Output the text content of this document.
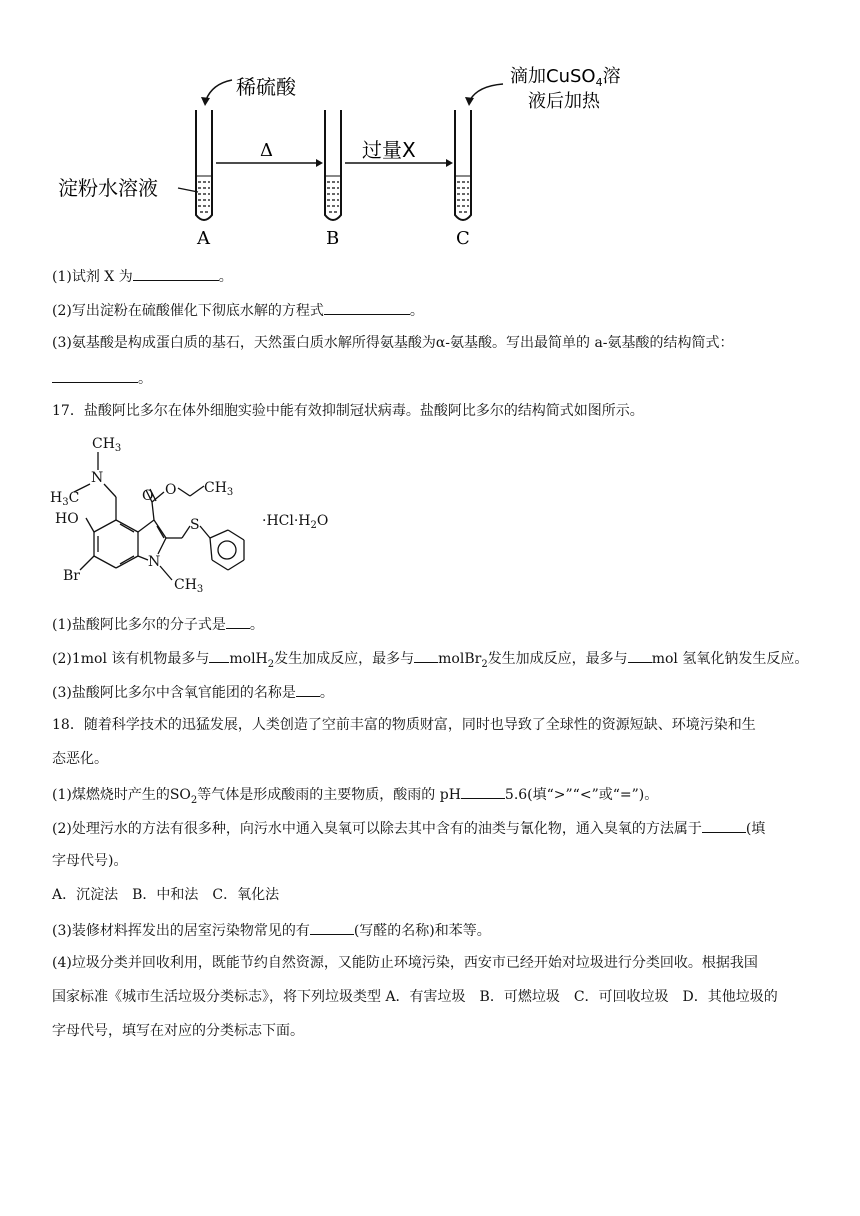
稀硫酸	滴加CuSO$_4$溶
液后加热
淀粉水溶液
Δ	过量X
A	B	C
(1)试剂 X 为	。
(2)写出淀粉在硫酸催化下彻底水解的方程式	。
(3)氨基酸是构成蛋白质的基石，天然蛋白质水解所得氨基酸为α-氨基酸。写出最简单的 a-氨基酸的结构简式：
。
17．盐酸阿比多尔在体外细胞实验中能有效抑制冠状病毒。盐酸阿比多尔的结构简式如图所示。
$CH_3$
N
$H_3C$	O O $CH_3$
HO	S
Br
N
$CH_3$
$\cdot HCl\cdot H_2O$
(1)盐酸阿比多尔的分子式是 。
(2)1mol 该有机物最多与 molH$_2$发生加成反应，最多与 molBr$_2$发生加成反应，最多与 mol 氢氧化钠发生反应。
(3)盐酸阿比多尔中含氧官能团的名称是 。
18．随着科学技术的迅猛发展，人类创造了空前丰富的物质财富，同时也导致了全球性的资源短缺、环境污染和生
态恶化。
(1)煤燃烧时产生的$SO_2$等气体是形成酸雨的主要物质，酸雨的 pH	5.6(填“>”“<”或“=”)。
(2)处理污水的方法有很多种，向污水中通入臭氧可以除去其中含有的油类与氰化物，通入臭氧的方法属于	(填
字母代号)。
A．沉淀法　B．中和法　C．氧化法
(3)装修材料挥发出的居室污染物常见的有	(写醛的名称)和苯等。
(4)垃圾分类并回收利用，既能节约自然资源，又能防止环境污染，西安市已经开始对垃圾进行分类回收。根据我国
国家标准《城市生活垃圾分类标志》，将下列垃圾类型 A．有害垃圾　B．可燃垃圾　C．可回收垃圾　D．其他垃圾的
字母代号，填写在对应的分类标志下面。
